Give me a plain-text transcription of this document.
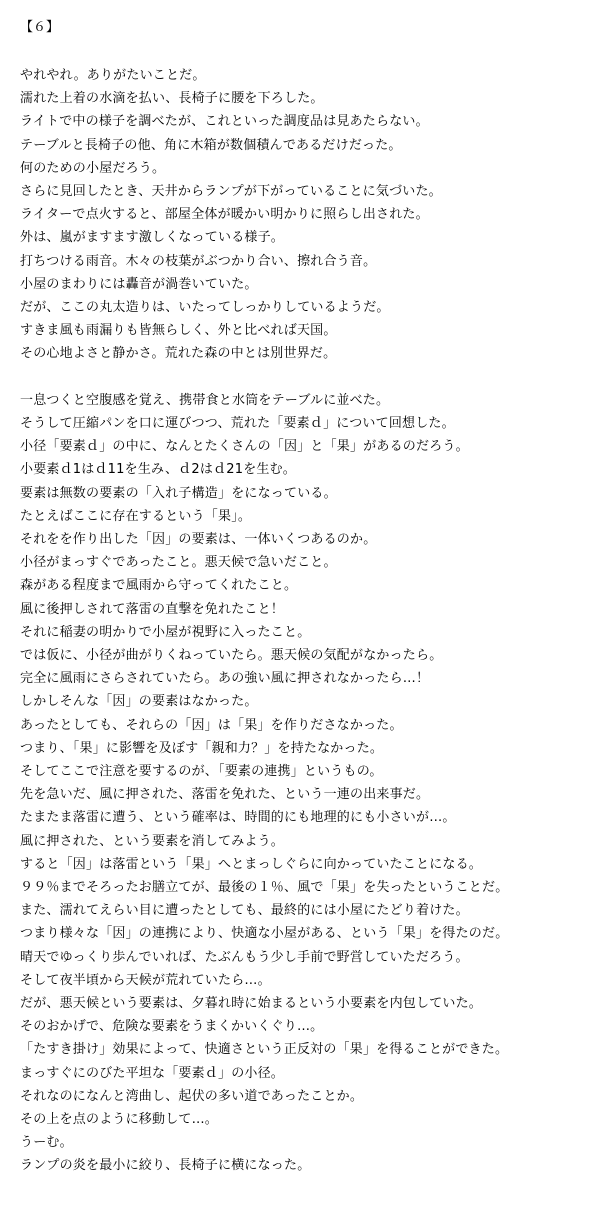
【６】
やれやれ。ありがたいことだ。
濡れた上着の水滴を払い、長椅子に腰を下ろした。
ライトで中の様子を調べたが、これといった調度品は見あたらない。
テーブルと長椅子の他、角に木箱が数個積んであるだけだった。
何のための小屋だろう。
さらに見回したとき、天井からランプが下がっていることに気づいた。
ライターで点火すると、部屋全体が暖かい明かりに照らし出された。
外は、嵐がますます激しくなっている様子。
打ちつける雨音。木々の枝葉がぶつかり合い、擦れ合う音。
小屋のまわりには轟音が渦巻いていた。
だが、ここの丸太造りは、いたってしっかりしているようだ。
すきま風も雨漏りも皆無らしく、外と比べれば天国。
その心地よさと静かさ。荒れた森の中とは別世界だ。
一息つくと空腹感を覚え、携帯食と水筒をテーブルに並べた。
そうして圧縮パンを口に運びつつ、荒れた「要素ｄ」について回想した。
小径「要素ｄ」の中に、なんとたくさんの「因」と「果」があるのだろう。
小要素ｄ1はｄ11を生み、ｄ2はｄ21を生む。
要素は無数の要素の「入れ子構造」をになっている。
たとえばここに存在するという「果」。
それをを作り出した「因」の要素は、一体いくつあるのか。
小径がまっすぐであったこと。悪天候で急いだこと。
森がある程度まで風雨から守ってくれたこと。
風に後押しされて落雷の直撃を免れたこと！
それに稲妻の明かりで小屋が視野に入ったこと。
では仮に、小径が曲がりくねっていたら。悪天候の気配がなかったら。
完全に風雨にさらされていたら。あの強い風に押されなかったら…！
しかしそんな「因」の要素はなかった。
あったとしても、それらの「因」は「果」を作りださなかった。
つまり、「果」に影響を及ぼす「親和力？」を持たなかった。
そしてここで注意を要するのが、「要素の連携」というもの。
先を急いだ、風に押された、落雷を免れた、という一連の出来事だ。
たまたま落雷に遭う、という確率は、時間的にも地理的にも小さいが…。
風に押された、という要素を消してみよう。
すると「因」は落雷という「果」へとまっしぐらに向かっていたことになる。
９９％までそろったお膳立てが、最後の１％、風で「果」を失ったということだ。
また、濡れてえらい目に遭ったとしても、最終的には小屋にたどり着けた。
つまり様々な「因」の連携により、快適な小屋がある、という「果」を得たのだ。
晴天でゆっくり歩んでいれば、たぶんもう少し手前で野営していただろう。
そして夜半頃から天候が荒れていたら…。
だが、悪天候という要素は、夕暮れ時に始まるという小要素を内包していた。
そのおかげで、危険な要素をうまくかいくぐり…。
「たすき掛け」効果によって、快適さという正反対の「果」を得ることができた。
まっすぐにのびた平坦な「要素ｄ」の小径。
それなのになんと湾曲し、起伏の多い道であったことか。
その上を点のように移動して…。
うーむ。
ランプの炎を最小に絞り、長椅子に横になった。
